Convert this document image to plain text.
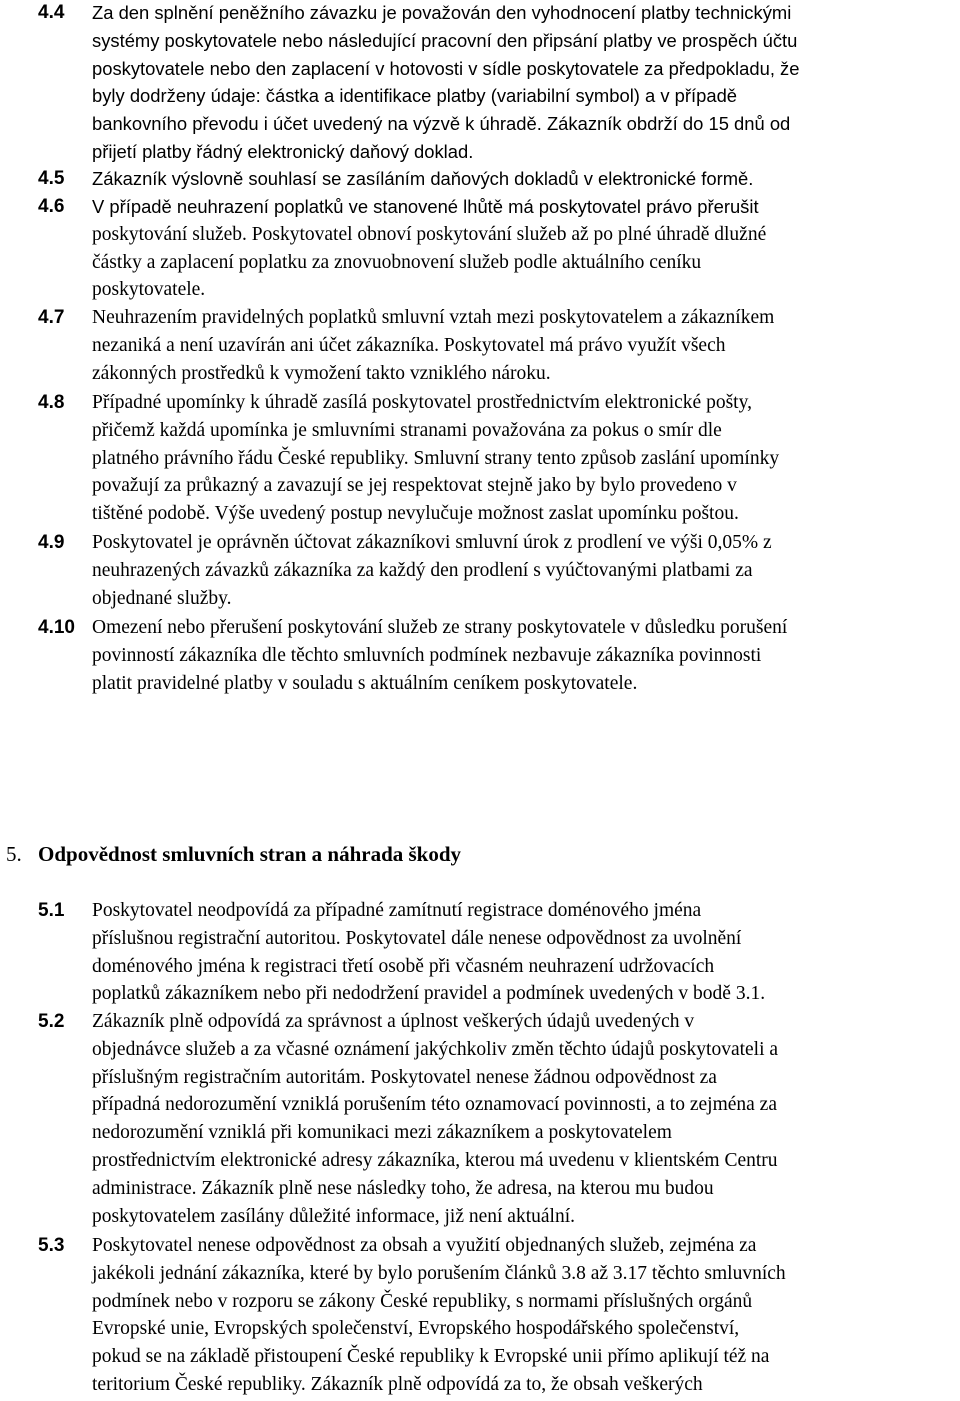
4.4 Za den splnění peněžního závazku je považován den vyhodnocení platby technickými
systémy poskytovatele nebo následující pracovní den připsání platby ve prospěch účtu
poskytovatele nebo den zaplacení v hotovosti v sídle poskytovatele za předpokladu, že
byly dodrženy údaje: částka a identifikace platby (variabilní symbol) a v případě
bankovního převodu i účet uvedený na výzvě k úhradě. Zákazník obdrží do 15 dnů od
přijetí platby řádný elektronický daňový doklad.
4.5 Zákazník výslovně souhlasí se zasíláním daňových dokladů v elektronické formě.
4.6 V případě neuhrazení poplatků ve stanovené lhůtě má poskytovatel právo přerušit
poskytování služeb. Poskytovatel obnoví poskytování služeb až po plné úhradě dlužné
částky a zaplacení poplatku za znovuobnovení služeb podle aktuálního ceníku
poskytovatele.
4.7 Neuhrazením pravidelných poplatků smluvní vztah mezi poskytovatelem a zákazníkem
nezaniká a není uzavírán ani účet zákazníka. Poskytovatel má právo využít všech
zákonných prostředků k vymožení takto vzniklého nároku.
4.8 Případné upomínky k úhradě zasílá poskytovatel prostřednictvím elektronické pošty,
přičemž každá upomínka je smluvními stranami považována za pokus o smír dle
platného právního řádu České republiky. Smluvní strany tento způsob zaslání upomínky
považují za průkazný a zavazují se jej respektovat stejně jako by bylo provedeno v
tištěné podobě. Výše uvedený postup nevylučuje možnost zaslat upomínku poštou.
4.9 Poskytovatel je oprávněn účtovat zákazníkovi smluvní úrok z prodlení ve výši 0,05% z
neuhrazených závazků zákazníka za každý den prodlení s vyúčtovanými platbami za
objednané služby.
4.10 Omezení nebo přerušení poskytování služeb ze strany poskytovatele v důsledku porušení
povinností zákazníka dle těchto smluvních podmínek nezbavuje zákazníka povinnosti
platit pravidelné platby v souladu s aktuálním ceníkem poskytovatele.
5. Odpovědnost smluvních stran a náhrada škody
5.1 Poskytovatel neodpovídá za případné zamítnutí registrace doménového jména
příslušnou registrační autoritou. Poskytovatel dále nenese odpovědnost za uvolnění
doménového jména k registraci třetí osobě při včasném neuhrazení udržovacích
poplatků zákazníkem nebo při nedodržení pravidel a podmínek uvedených v bodě 3.1.
5.2 Zákazník plně odpovídá za správnost a úplnost veškerých údajů uvedených v
objednávce služeb a za včasné oznámení jakýchkoliv změn těchto údajů poskytovateli a
příslušným registračním autoritám. Poskytovatel nenese žádnou odpovědnost za
případná nedorozumění vzniklá porušením této oznamovací povinnosti, a to zejména za
nedorozumění vzniklá při komunikaci mezi zákazníkem a poskytovatelem
prostřednictvím elektronické adresy zákazníka, kterou má uvedenu v klientském Centru
administrace. Zákazník plně nese následky toho, že adresa, na kterou mu budou
poskytovatelem zasílány důležité informace, již není aktuální.
5.3 Poskytovatel nenese odpovědnost za obsah a využití objednaných služeb, zejména za
jakékoli jednání zákazníka, které by bylo porušením článků 3.8 až 3.17 těchto smluvních
podmínek nebo v rozporu se zákony České republiky, s normami příslušných orgánů
Evropské unie, Evropských společenství, Evropského hospodářského společenství,
pokud se na základě přistoupení České republiky k Evropské unii přímo aplikují též na
teritorium České republiky. Zákazník plně odpovídá za to, že obsah veškerých
